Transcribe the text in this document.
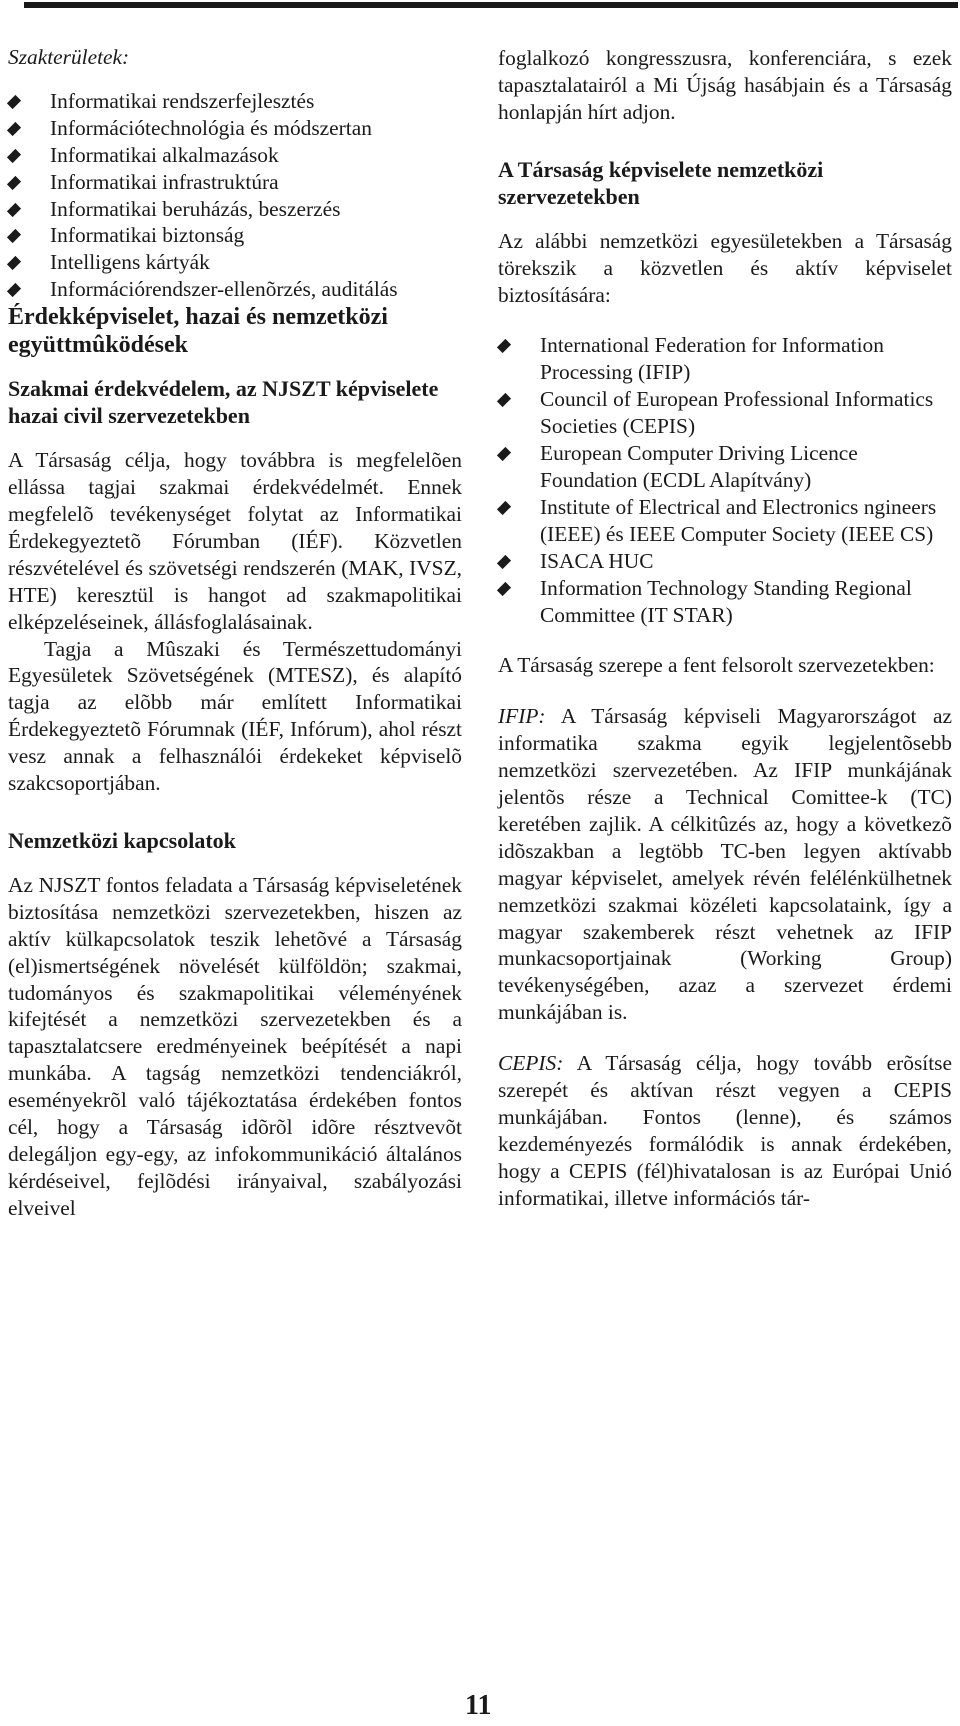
Szakterületek:

Informatikai rendszerfejlesztés
Információtechnológia és módszertan
Informatikai alkalmazások
Informatikai infrastruktúra
Informatikai beruházás, beszerzés
Informatikai biztonság
Intelligens kártyák
Információrendszer-ellenõrzés, auditálás
Érdekképviselet, hazai és nemzetközi együttmûködések
Szakmai érdekvédelem, az NJSZT képviselete hazai civil szervezetekben

A Társaság célja, hogy továbbra is megfelelõen ellássa tagjai szakmai érdekvédelmét. Ennek megfelelõ tevékenységet folytat az Informatikai Érdekegyeztetõ Fórumban (IÉF). Közvetlen részvételével és szövetségi rendszerén (MAK, IVSZ, HTE) keresztül is hangot ad szakmapolitikai elképzeléseinek, állásfoglalásainak.

Tagja a Mûszaki és Természettudományi Egyesületek Szövetségének (MTESZ), és alapító tagja az elõbb már említett Informatikai Érdekegyeztetõ Fórumnak (IÉF, Infórum), ahol részt vesz annak a felhasználói érdekeket képviselõ szakcsoportjában.

Nemzetközi kapcsolatok

Az NJSZT fontos feladata a Társaság képviseletének biztosítása nemzetközi szervezetekben, hiszen az aktív külkapcsolatok teszik lehetõvé a Társaság (el)ismertségének növelését külföldön; szakmai, tudományos és szakmapolitikai véleményének kifejtését a nemzetközi szervezetekben és a tapasztalatcsere eredményeinek beépítését a napi munkába. A tagság nemzetközi tendenciákról, eseményekrõl való tájékoztatása érdekében fontos cél, hogy a Társaság idõrõl idõre résztvevõt delegáljon egy-egy, az infokommunikáció általános kérdéseivel, fejlõdési irányaival, szabályozási elveivel

foglalkozó kongresszusra, konferenciára, s ezek tapasztalatairól a Mi Újság hasábjain és a Társaság honlapján hírt adjon.

A Társaság képviselete nemzetközi szervezetekben

Az alábbi nemzetközi egyesületekben a Társaság törekszik a közvetlen és aktív képviselet biztosítására:

International Federation for Information Processing (IFIP)
Council of European Professional Informatics Societies (CEPIS)
European Computer Driving Licence Foundation (ECDL Alapítvány)
Institute of Electrical and Electronics ngineers (IEEE) és IEEE Computer Society (IEEE CS)
ISACA HUC
Information Technology Standing Regional Committee (IT STAR)

A Társaság szerepe a fent felsorolt szervezetekben:

IFIP: A Társaság képviseli Magyarországot az informatika szakma egyik legjelentõsebb nemzetközi szervezetében. Az IFIP munkájának jelentõs része a Technical Comittee-k (TC) keretében zajlik. A célkitûzés az, hogy a következõ idõszakban a legtöbb TC-ben legyen aktívabb magyar képviselet, amelyek révén felélénkülhetnek nemzetközi szakmai közéleti kapcsolataink, így a magyar szakemberek részt vehetnek az IFIP munkacsoportjainak (Working Group) tevékenységében, azaz a szervezet érdemi munkájában is.

CEPIS: A Társaság célja, hogy tovább erõsítse szerepét és aktívan részt vegyen a CEPIS munkájában. Fontos (lenne), és számos kezdeményezés formálódik is annak érdekében, hogy a CEPIS (fél)hivatalosan is az Európai Unió informatikai, illetve információs tár-

11
